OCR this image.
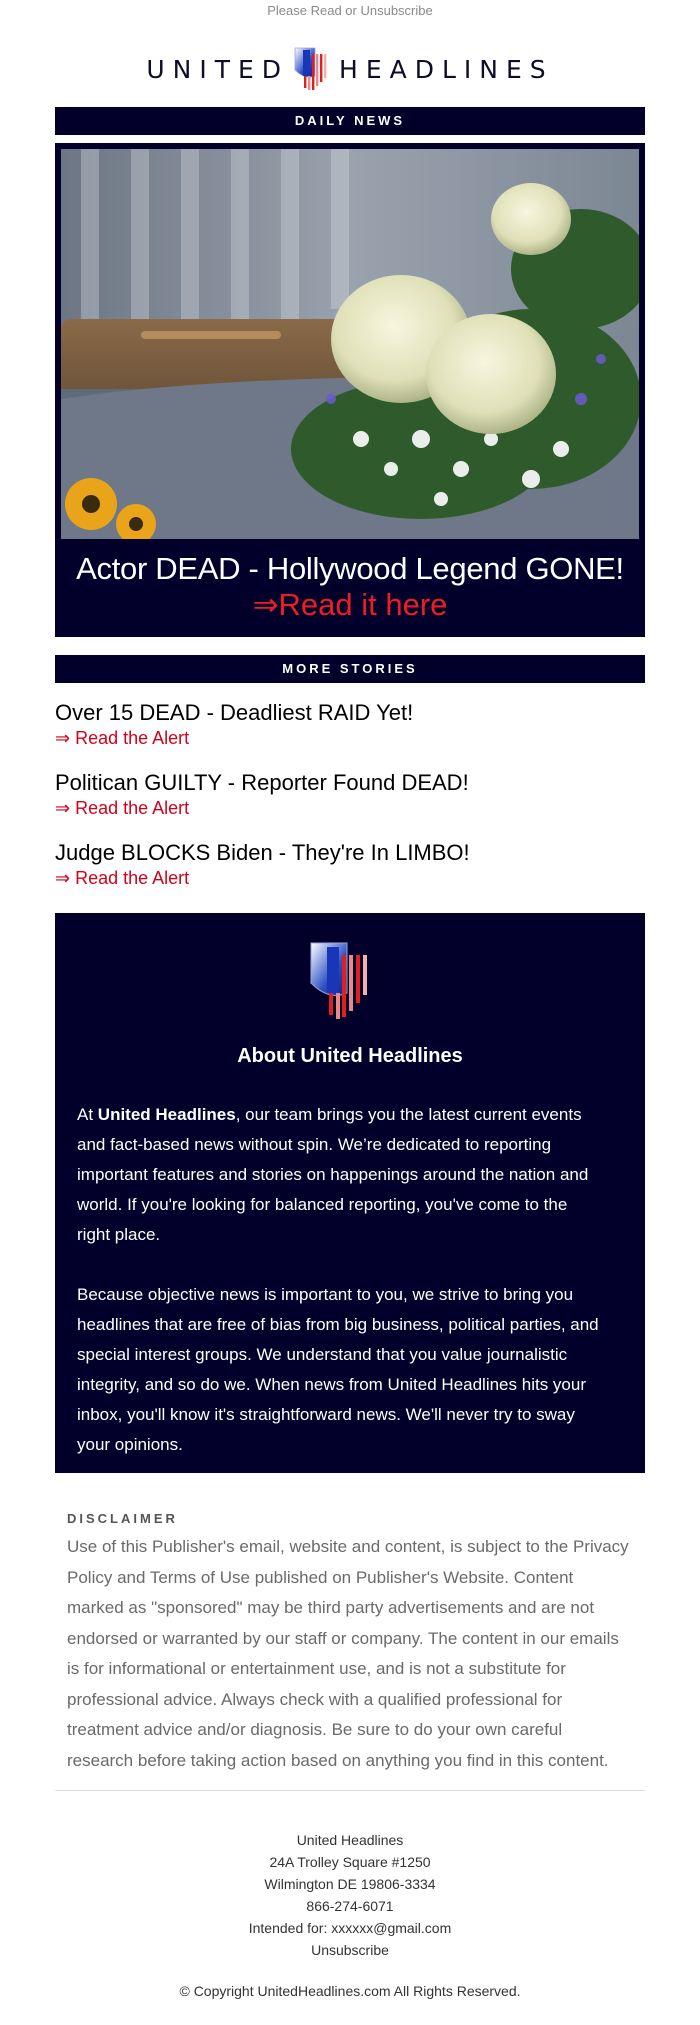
Please Read or Unsubscribe
UNITED HEADLINES
DAILY NEWS
Actor DEAD - Hollywood Legend GONE!
⇒Read it here
MORE STORIES
Over 15 DEAD - Deadliest RAID Yet!
⇒ Read the Alert
Politican GUILTY - Reporter Found DEAD!
⇒ Read the Alert
Judge BLOCKS Biden - They're In LIMBO!
⇒ Read the Alert
About United Headlines

At United Headlines, our team brings you the latest current events and fact-based news without spin. We’re dedicated to reporting important features and stories on happenings around the nation and world. If you're looking for balanced reporting, you've come to the right place.

Because objective news is important to you, we strive to bring you headlines that are free of bias from big business, political parties, and special interest groups. We understand that you value journalistic integrity, and so do we. When news from United Headlines hits your inbox, you'll know it's straightforward news. We'll never try to sway your opinions.

DISCLAIMER
Use of this Publisher's email, website and content, is subject to the Privacy Policy and Terms of Use published on Publisher's Website. Content marked as "sponsored" may be third party advertisements and are not endorsed or warranted by our staff or company. The content in our emails is for informational or entertainment use, and is not a substitute for professional advice. Always check with a qualified professional for treatment advice and/or diagnosis. Be sure to do your own careful research before taking action based on anything you find in this content.
United Headlines
24A Trolley Square #1250
Wilmington DE 19806-3334
866-274-6071
Intended for: xxxxxx@gmail.com
Unsubscribe
© Copyright UnitedHeadlines.com All Rights Reserved.
